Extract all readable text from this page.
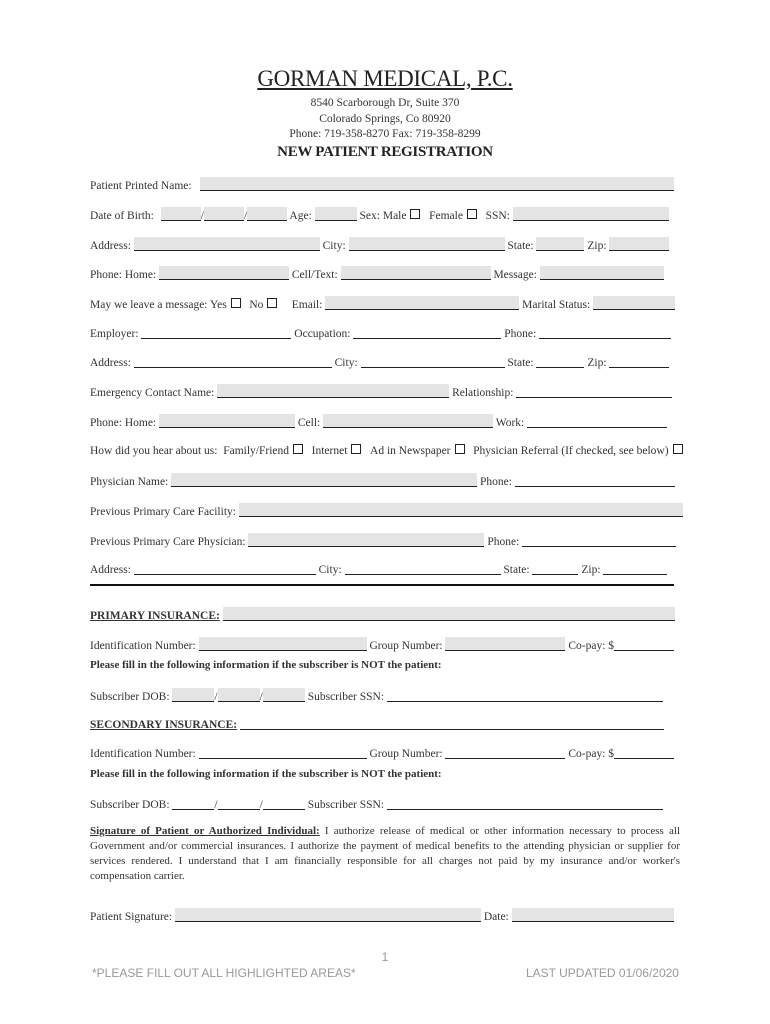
GORMAN MEDICAL, P.C.
8540 Scarborough Dr, Suite 370
Colorado Springs, Co 80920
Phone: 719-358-8270 Fax: 719-358-8299
NEW PATIENT REGISTRATION
Patient Printed Name:
Date of Birth:	/	/	Age:	Sex: Male Female SSN:
Address:	City:	State:	Zip:
Phone: Home:	Cell/Text:	Message:
May we leave a message: Yes No Email:	Marital Status:
Employer:	Occupation:	Phone:
Address:	City:	State:	Zip:
Emergency Contact Name:	Relationship:
Phone: Home:	Cell:	Work:
How did you hear about us: Family/Friend Internet Ad in Newspaper Physician Referral (If checked, see below)
Physician Name:	Phone:
Previous Primary Care Facility:
Previous Primary Care Physician:	Phone:
Address:	City:	State:	Zip:
PRIMARY INSURANCE:
Identification Number:	Group Number:	Co-pay: $
Please fill in the following information if the subscriber is NOT the patient:
Subscriber DOB:	/	/	Subscriber SSN:
SECONDARY INSURANCE:
Identification Number:	Group Number:	Co-pay: $
Please fill in the following information if the subscriber is NOT the patient:
Subscriber DOB:	/	/	Subscriber SSN:
Signature of Patient or Authorized Individual: I authorize release of medical or other information necessary to process all Government and/or commercial insurances. I authorize the payment of medical benefits to the attending physician or supplier for services rendered. I understand that I am financially responsible for all charges not paid by my insurance and/or worker's compensation carrier.
Patient Signature:	Date:
1
*PLEASE FILL OUT ALL HIGHLIGHTED AREAS*	LAST UPDATED 01/06/2020
